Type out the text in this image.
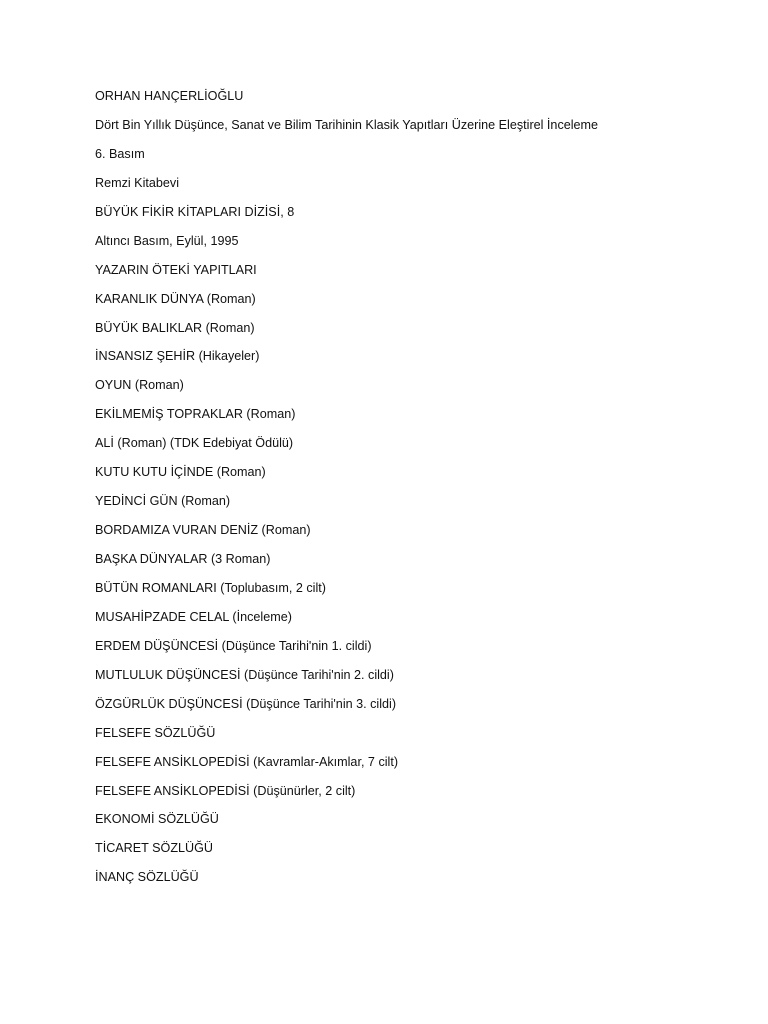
ORHAN HANÇERLİOĞLU
Dört Bin Yıllık Düşünce, Sanat ve Bilim Tarihinin Klasik Yapıtları Üzerine Eleştirel İnceleme
6. Basım
Remzi Kitabevi
BÜYÜK FİKİR KİTAPLARI DİZİSİ, 8
Altıncı Basım, Eylül, 1995
YAZARIN ÖTEKİ YAPITLARI
KARANLIK DÜNYA (Roman)
BÜYÜK BALIKLAR (Roman)
İNSANSIZ ŞEHİR (Hikayeler)
OYUN (Roman)
EKİLMEMİŞ TOPRAKLAR (Roman)
ALİ (Roman) (TDK Edebiyat Ödülü)
KUTU KUTU İÇİNDE (Roman)
YEDİNCİ GÜN (Roman)
BORDAMIZA VURAN DENİZ (Roman)
BAŞKA DÜNYALAR (3 Roman)
BÜTÜN ROMANLARI (Toplubasım, 2 cilt)
MUSAHİPZADE CELAL (İnceleme)
ERDEM DÜŞÜNCESİ (Düşünce Tarihi'nin 1. cildi)
MUTLULUK DÜŞÜNCESİ (Düşünce Tarihi'nin 2. cildi)
ÖZGÜRLÜK DÜŞÜNCESİ (Düşünce Tarihi'nin 3. cildi)
FELSEFE SÖZLÜĞÜ
FELSEFE ANSİKLOPEDİSİ (Kavramlar-Akımlar, 7 cilt)
FELSEFE ANSİKLOPEDİSİ (Düşünürler, 2 cilt)
EKONOMİ SÖZLÜĞÜ
TİCARET SÖZLÜĞÜ
İNANÇ SÖZLÜĞÜ
